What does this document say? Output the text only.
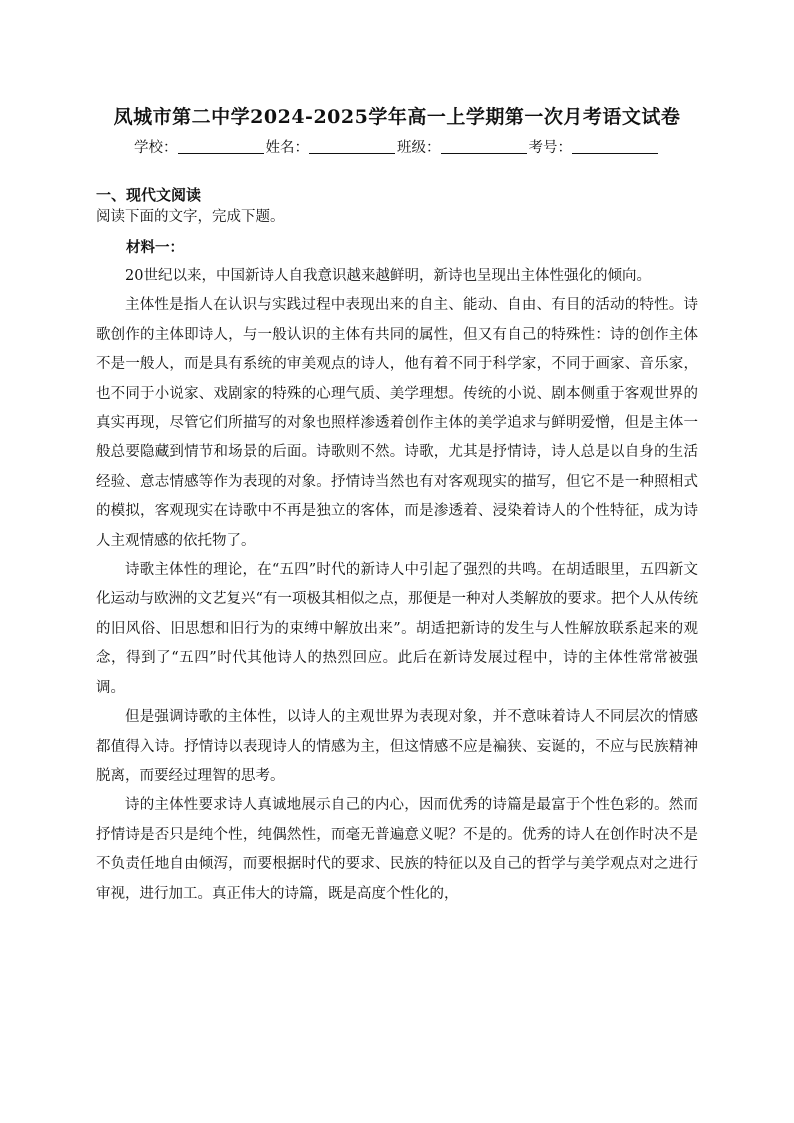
凤城市第二中学2024-2025学年高一上学期第一次月考语文试卷
学校：	姓名：	班级：	考号：
一、现代文阅读

阅读下面的文字，完成下题。

材料一：

20世纪以来，中国新诗人自我意识越来越鲜明，新诗也呈现出主体性强化的倾向。

主体性是指人在认识与实践过程中表现出来的自主、能动、自由、有目的活动的特性。诗歌创作的主体即诗人，与一般认识的主体有共同的属性，但又有自己的特殊性：诗的创作主体不是一般人，而是具有系统的审美观点的诗人，他有着不同于科学家，不同于画家、音乐家，也不同于小说家、戏剧家的特殊的心理气质、美学理想。传统的小说、剧本侧重于客观世界的真实再现，尽管它们所描写的对象也照样渗透着创作主体的美学追求与鲜明爱憎，但是主体一般总要隐藏到情节和场景的后面。诗歌则不然。诗歌，尤其是抒情诗，诗人总是以自身的生活经验、意志情感等作为表现的对象。抒情诗当然也有对客观现实的描写，但它不是一种照相式的模拟，客观现实在诗歌中不再是独立的客体，而是渗透着、浸染着诗人的个性特征，成为诗人主观情感的依托物了。

诗歌主体性的理论，在“五四”时代的新诗人中引起了强烈的共鸣。在胡适眼里，五四新文化运动与欧洲的文艺复兴“有一项极其相似之点，那便是一种对人类解放的要求。把个人从传统的旧风俗、旧思想和旧行为的束缚中解放出来”。胡适把新诗的发生与人性解放联系起来的观念，得到了“五四”时代其他诗人的热烈回应。此后在新诗发展过程中，诗的主体性常常被强调。

但是强调诗歌的主体性，以诗人的主观世界为表现对象，并不意味着诗人不同层次的情感都值得入诗。抒情诗以表现诗人的情感为主，但这情感不应是褊狭、妄诞的，不应与民族精神脱离，而要经过理智的思考。

诗的主体性要求诗人真诚地展示自己的内心，因而优秀的诗篇是最富于个性色彩的。然而抒情诗是否只是纯个性，纯偶然性，而毫无普遍意义呢？不是的。优秀的诗人在创作时决不是不负责任地自由倾泻，而要根据时代的要求、民族的特征以及自己的哲学与美学观点对之进行审视，进行加工。真正伟大的诗篇，既是高度个性化的，
